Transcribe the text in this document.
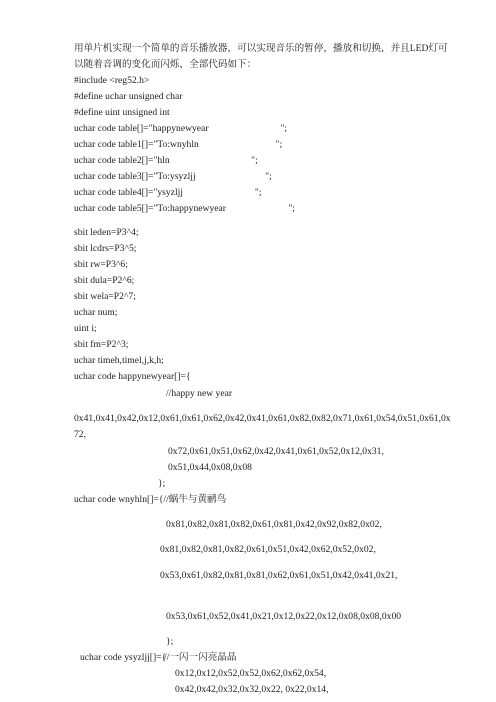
用单片机实现一个简单的音乐播放器，可以实现音乐的暂停，播放和切换，并且LED灯可
以随着音调的变化而闪烁，全部代码如下：
#include <reg52.h>
#define uchar unsigned char
#define uint unsigned int
uchar code table[]="happynewyear                              ";
uchar code table1[]="To:wnyhln                                ";
uchar code table2[]="hln                                  ";
uchar code table3[]="To:ysyzljj                             ";
uchar code table4[]="ysyzljj                              ";
uchar code table5[]="To:happynewyear                          ";
sbit leden=P3^4;
sbit lcdrs=P3^5;
sbit rw=P3^6;
sbit dula=P2^6;
sbit wela=P2^7;
uchar num;
uint i;
sbit fm=P2^3;
uchar timeh,timel,j,k,h;
uchar code happynewyear[]={
//happy new year
0x41,0x41,0x42,0x12,0x61,0x61,0x62,0x42,0x41,0x61,0x82,0x82,0x71,0x61,0x54,0x51,0x61,0x
72,
0x72,0x61,0x51,0x62,0x42,0x41,0x61,0x52,0x12,0x31,
0x51,0x44,0x08,0x08
};
uchar code wnyhln[]={//蜗牛与黄鹂鸟
0x81,0x82,0x81,0x82,0x61,0x81,0x42,0x92,0x82,0x02,
0x81,0x82,0x81,0x82,0x61,0x51,0x42,0x62,0x52,0x02,
0x53,0x61,0x82,0x81,0x81,0x62,0x61,0x51,0x42,0x41,0x21,
0x53,0x61,0x52,0x41,0x21,0x12,0x22,0x12,0x08,0x08,0x00
};
uchar code ysyzljj[]={
//一闪一闪亮晶晶
0x12,0x12,0x52,0x52,0x62,0x62,0x54,
0x42,0x42,0x32,0x32,0x22, 0x22,0x14,
